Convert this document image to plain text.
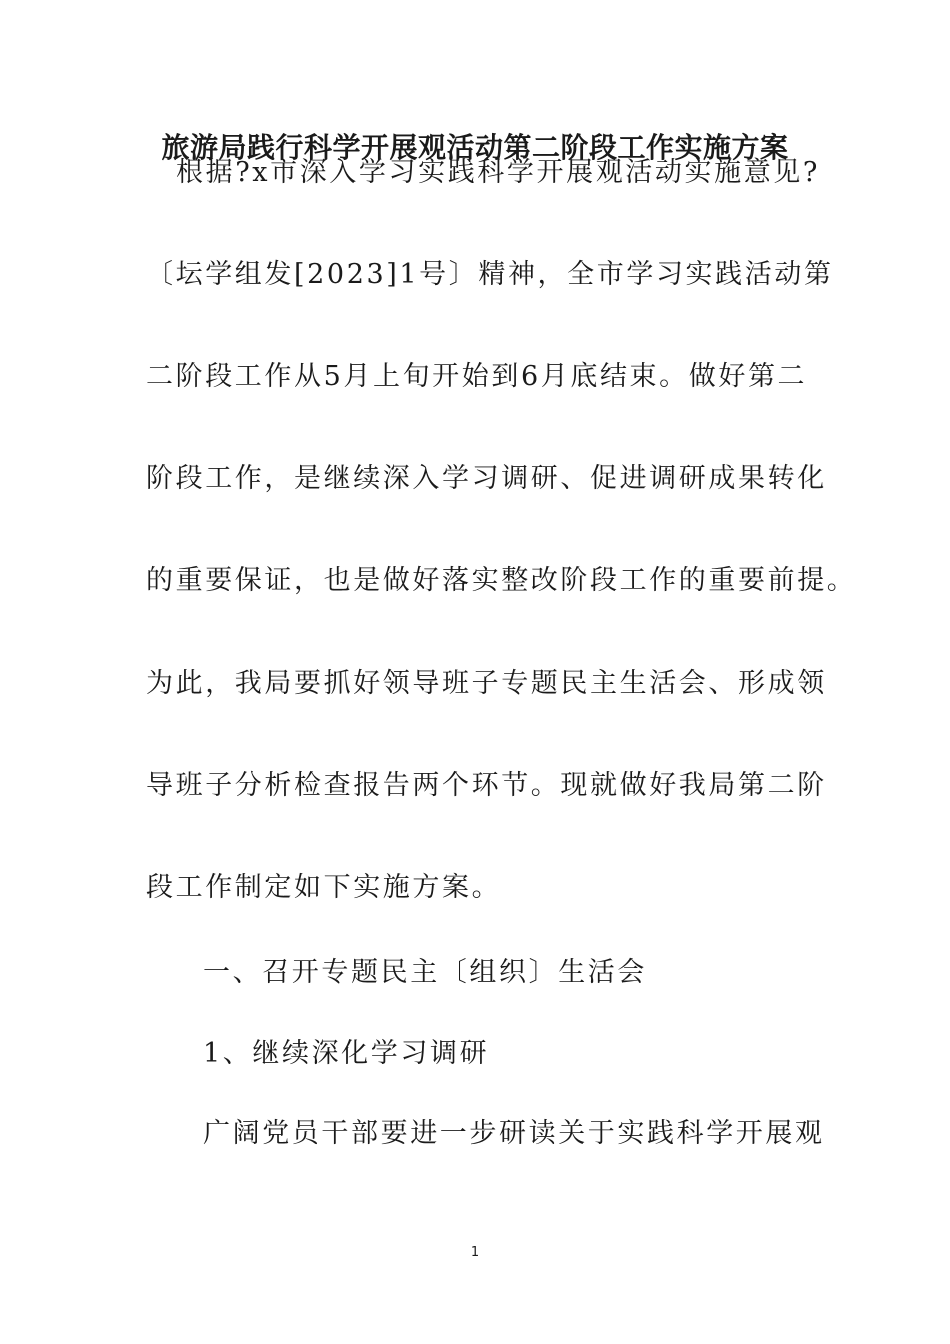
旅游局践行科学开展观活动第二阶段工作实施方案
根据?x市深入学习实践科学开展观活动实施意见?
〔坛学组发[2023]1号〕精神，全市学习实践活动第
二阶段工作从5月上旬开始到6月底结束。做好第二
阶段工作，是继续深入学习调研、促进调研成果转化
的重要保证，也是做好落实整改阶段工作的重要前提。
为此，我局要抓好领导班子专题民主生活会、形成领
导班子分析检查报告两个环节。现就做好我局第二阶
段工作制定如下实施方案。
一、召开专题民主〔组织〕生活会
1、继续深化学习调研
广阔党员干部要进一步研读关于实践科学开展观
1
